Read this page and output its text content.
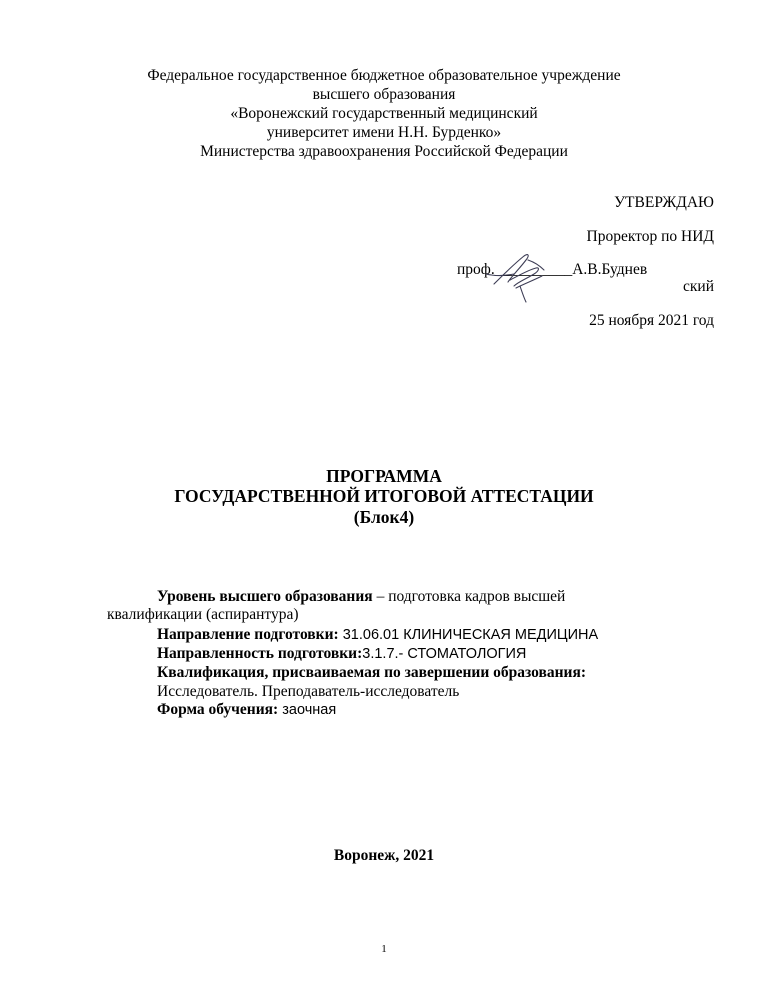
Федеральное государственное бюджетное образовательное учреждение
высшего образования
«Воронежский государственный медицинский
университет имени Н.Н. Бурденко»
Министерства здравоохранения Российской Федерации
УТВЕРЖДАЮ
Проректор по НИД
проф.__________А.В.Буднев
ский
25 ноября 2021 год
ПРОГРАММА
ГОСУДАРСТВЕННОЙ ИТОГОВОЙ АТТЕСТАЦИИ
(Блок4)
Уровень высшего образования – подготовка кадров высшей
квалификации (аспирантура)
Направление подготовки: 31.06.01 КЛИНИЧЕСКАЯ МЕДИЦИНА
Направленность подготовки:3.1.7.- СТОМАТОЛОГИЯ
Квалификация, присваиваемая по завершении образования:
Исследователь. Преподаватель-исследователь
Форма обучения: заочная
Воронеж, 2021
1
